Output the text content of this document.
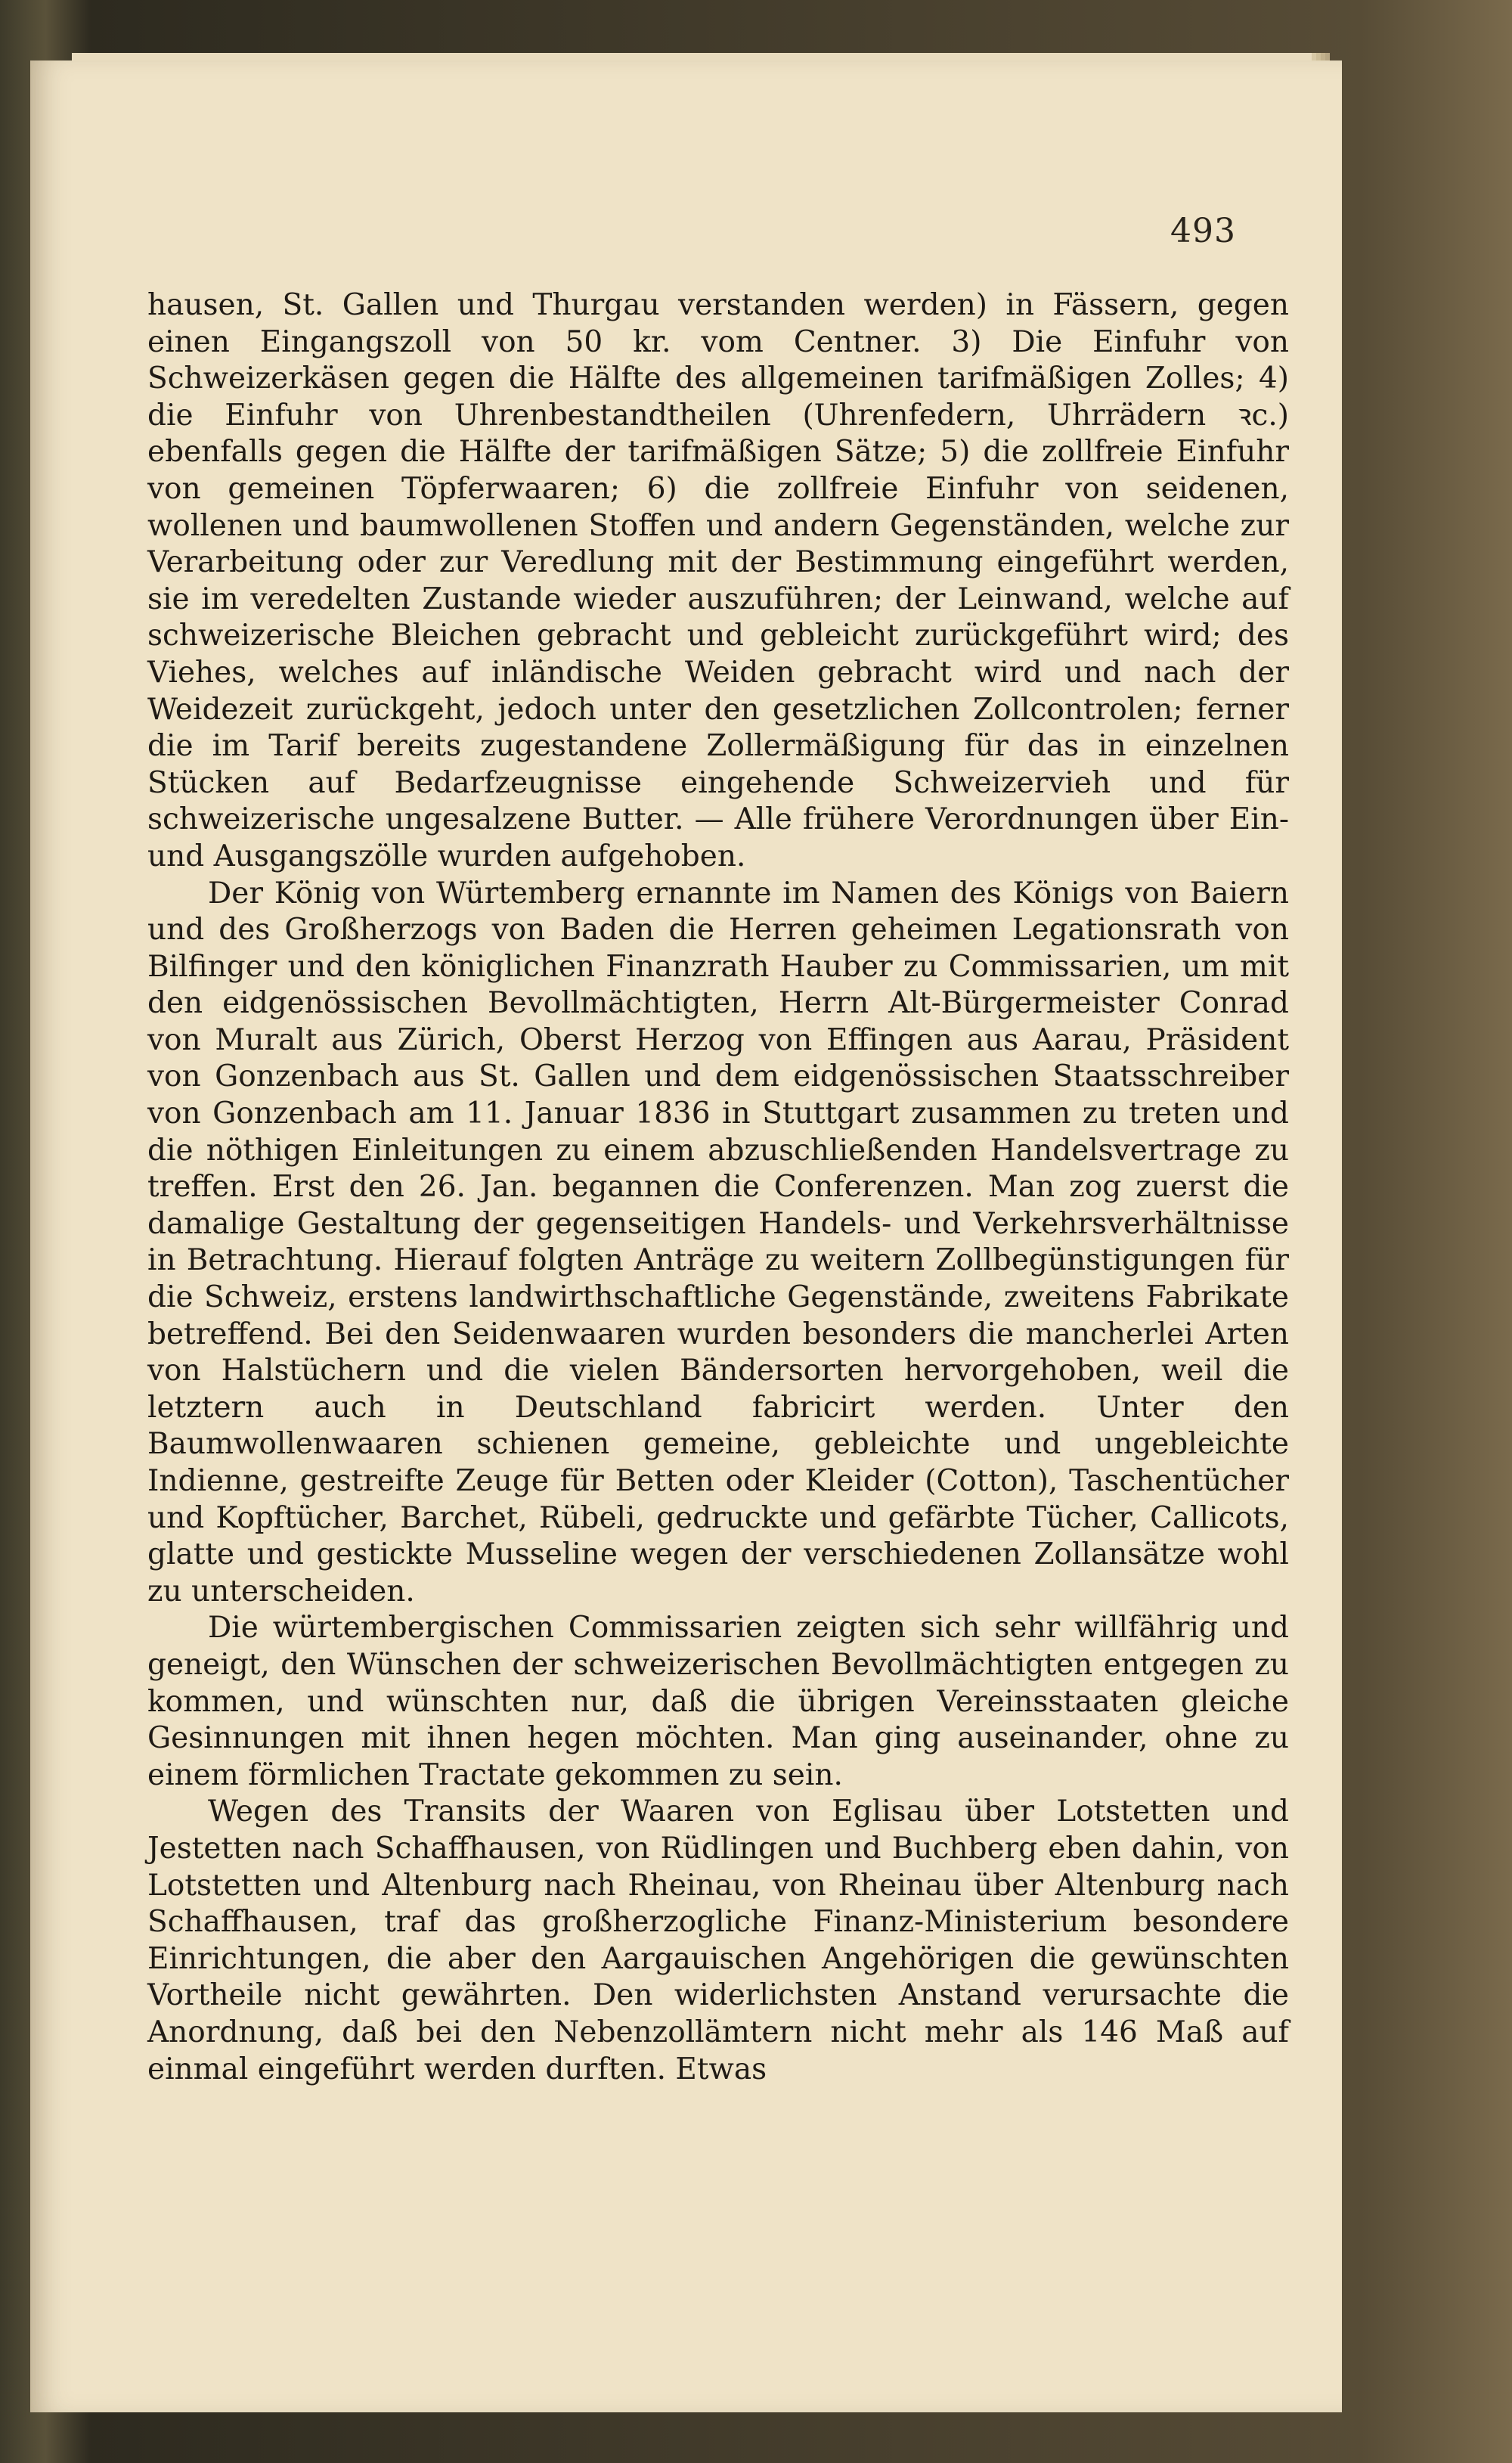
493

hausen, St. Gallen und Thurgau verstanden werden) in Fässern, gegen einen Eingangszoll von 50 kr. vom Centner. 3) Die Einfuhr von Schweizerkäsen gegen die Hälfte des allgemeinen tarifmäßigen Zolles; 4) die Einfuhr von Uhrenbestandtheilen (Uhrenfedern, Uhrrädern ꝛc.) ebenfalls gegen die Hälfte der tarifmäßigen Sätze; 5) die zollfreie Einfuhr von gemeinen Töpferwaaren; 6) die zollfreie Einfuhr von seidenen, wollenen und baumwollenen Stoffen und andern Gegenständen, welche zur Verarbeitung oder zur Veredlung mit der Bestimmung eingeführt werden, sie im veredelten Zustande wieder auszuführen; der Leinwand, welche auf schweizerische Bleichen gebracht und gebleicht zurückgeführt wird; des Viehes, welches auf inländische Weiden gebracht wird und nach der Weidezeit zurückgeht, jedoch unter den gesetzlichen Zollcontrolen; ferner die im Tarif bereits zugestandene Zollermäßigung für das in einzelnen Stücken auf Bedarfzeugnisse eingehende Schweizervieh und für schweizerische ungesalzene Butter. — Alle frühere Verordnungen über Ein- und Ausgangszölle wurden aufgehoben.

Der König von Würtemberg ernannte im Namen des Königs von Baiern und des Großherzogs von Baden die Herren geheimen Legationsrath von Bilfinger und den königlichen Finanzrath Hauber zu Commissarien, um mit den eidgenössischen Bevollmächtigten, Herrn Alt-Bürgermeister Conrad von Muralt aus Zürich, Oberst Herzog von Effingen aus Aarau, Präsident von Gonzenbach aus St. Gallen und dem eidgenössischen Staatsschreiber von Gonzenbach am 11. Januar 1836 in Stuttgart zusammen zu treten und die nöthigen Einleitungen zu einem abzuschließenden Handelsvertrage zu treffen. Erst den 26. Jan. begannen die Conferenzen. Man zog zuerst die damalige Gestaltung der gegenseitigen Handels- und Verkehrsverhältnisse in Betrachtung. Hierauf folgten Anträge zu weitern Zollbegünstigungen für die Schweiz, erstens landwirthschaftliche Gegenstände, zweitens Fabrikate betreffend. Bei den Seidenwaaren wurden besonders die mancherlei Arten von Halstüchern und die vielen Bändersorten hervorgehoben, weil die letztern auch in Deutschland fabricirt werden. Unter den Baumwollenwaaren schienen gemeine, gebleichte und ungebleichte Indienne, gestreifte Zeuge für Betten oder Kleider (Cotton), Taschentücher und Kopftücher, Barchet, Rübeli, gedruckte und gefärbte Tücher, Callicots, glatte und gestickte Musseline wegen der verschiedenen Zollansätze wohl zu unterscheiden.

Die würtembergischen Commissarien zeigten sich sehr willfährig und geneigt, den Wünschen der schweizerischen Bevollmächtigten entgegen zu kommen, und wünschten nur, daß die übrigen Vereinsstaaten gleiche Gesinnungen mit ihnen hegen möchten. Man ging auseinander, ohne zu einem förmlichen Tractate gekommen zu sein.

Wegen des Transits der Waaren von Eglisau über Lotstetten und Jestetten nach Schaffhausen, von Rüdlingen und Buchberg eben dahin, von Lotstetten und Altenburg nach Rheinau, von Rheinau über Altenburg nach Schaffhausen, traf das großherzogliche Finanz-Ministerium besondere Einrichtungen, die aber den Aargauischen Angehörigen die gewünschten Vortheile nicht gewährten. Den widerlichsten Anstand verursachte die Anordnung, daß bei den Nebenzollämtern nicht mehr als 146 Maß auf einmal eingeführt werden durften. Etwas
